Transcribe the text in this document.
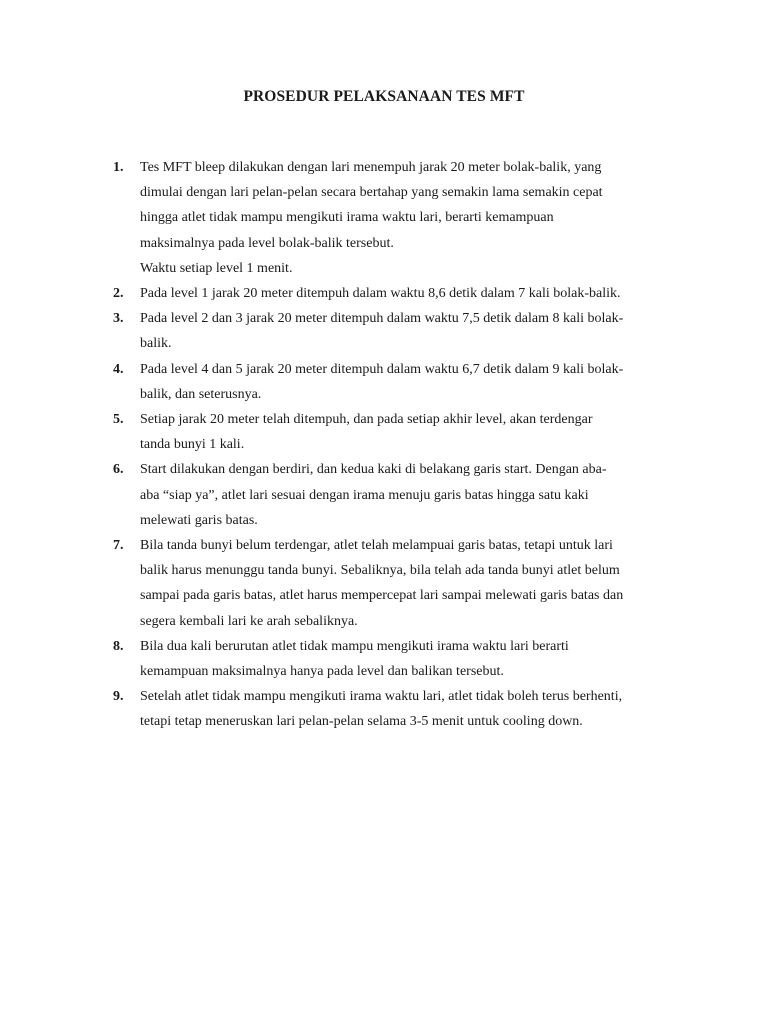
PROSEDUR PELAKSANAAN TES MFT
1. Tes MFT bleep dilakukan dengan lari menempuh jarak 20 meter bolak-balik, yang
dimulai dengan lari pelan-pelan secara bertahap yang semakin lama semakin cepat
hingga atlet tidak mampu mengikuti irama waktu lari, berarti kemampuan
maksimalnya pada level bolak-balik tersebut.
Waktu setiap level 1 menit.
2. Pada level 1 jarak 20 meter ditempuh dalam waktu 8,6 detik dalam 7 kali bolak-balik.
3. Pada level 2 dan 3 jarak 20 meter ditempuh dalam waktu 7,5 detik dalam 8 kali bolak-
balik.
4. Pada level 4 dan 5 jarak 20 meter ditempuh dalam waktu 6,7 detik dalam 9 kali bolak-
balik, dan seterusnya.
5. Setiap jarak 20 meter telah ditempuh, dan pada setiap akhir level, akan terdengar
tanda bunyi 1 kali.
6. Start dilakukan dengan berdiri, dan kedua kaki di belakang garis start. Dengan aba-
aba “siap ya”, atlet lari sesuai dengan irama menuju garis batas hingga satu kaki
melewati garis batas.
7. Bila tanda bunyi belum terdengar, atlet telah melampuai garis batas, tetapi untuk lari
balik harus menunggu tanda bunyi. Sebaliknya, bila telah ada tanda bunyi atlet belum
sampai pada garis batas, atlet harus mempercepat lari sampai melewati garis batas dan
segera kembali lari ke arah sebaliknya.
8. Bila dua kali berurutan atlet tidak mampu mengikuti irama waktu lari berarti
kemampuan maksimalnya hanya pada level dan balikan tersebut.
9. Setelah atlet tidak mampu mengikuti irama waktu lari, atlet tidak boleh terus berhenti,
tetapi tetap meneruskan lari pelan-pelan selama 3-5 menit untuk cooling down.
